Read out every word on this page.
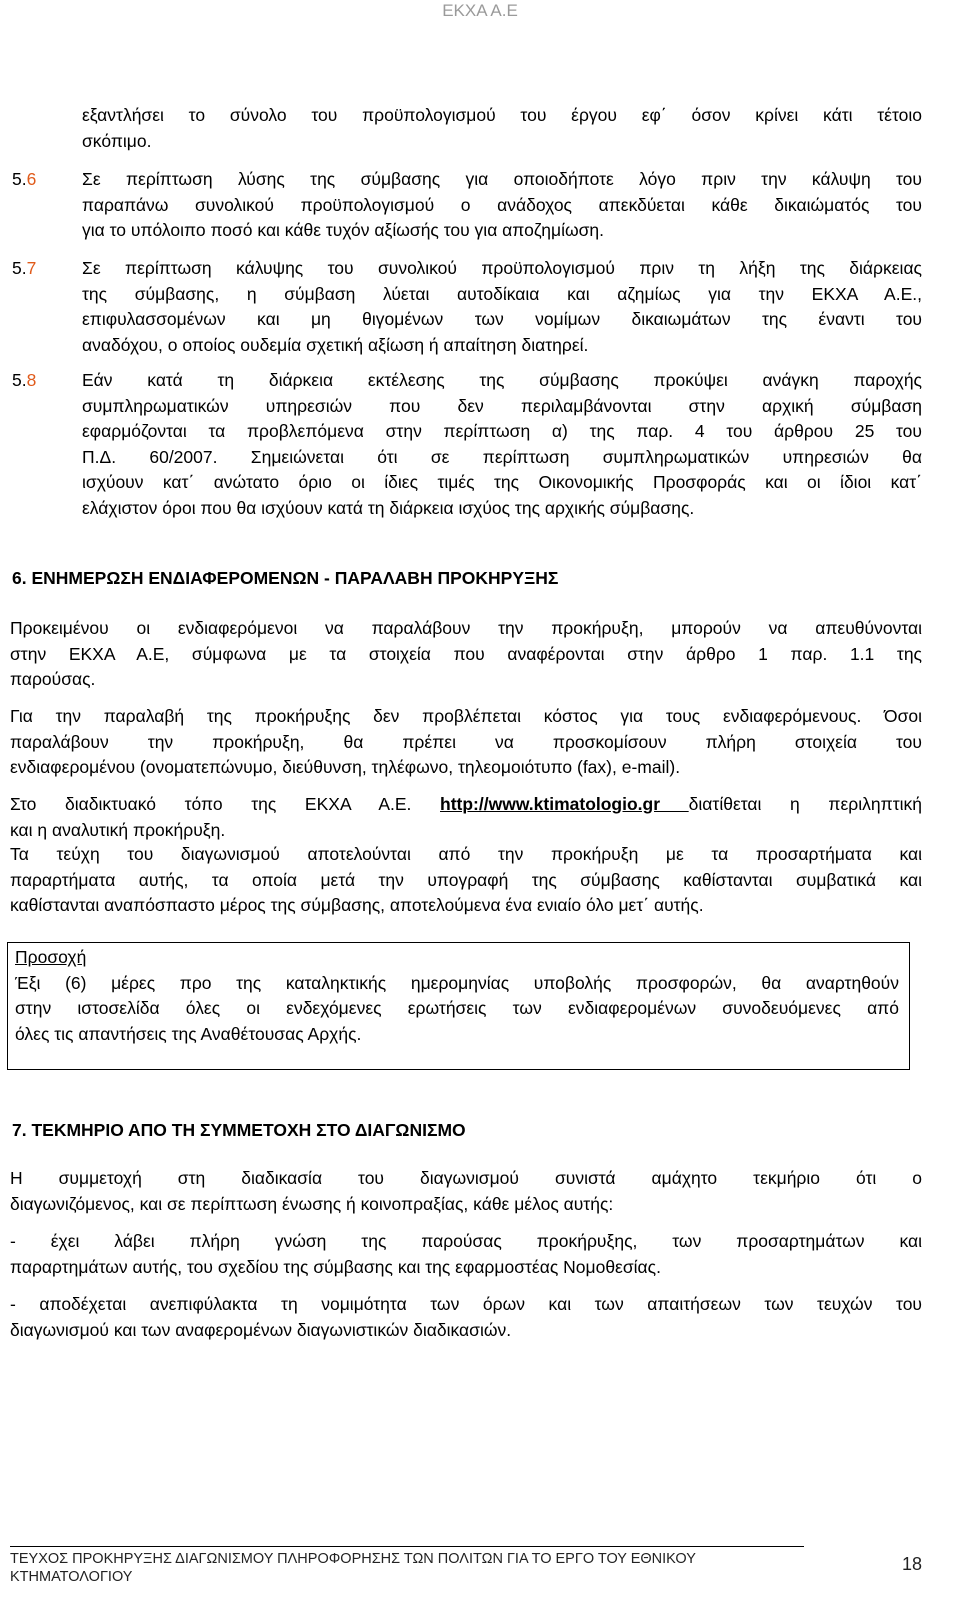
ΕΚΧΑ Α.Ε
εξαντλήσει το σύνολο του προϋπολογισμού του έργου εφ΄ όσον κρίνει κάτι τέτοιο
σκόπιμο.
5.6	Σε περίπτωση λύσης της σύμβασης για οποιοδήποτε λόγο πριν την κάλυψη του
παραπάνω συνολικού προϋπολογισμού ο ανάδοχος απεκδύεται κάθε δικαιώματός του
για το υπόλοιπο ποσό και κάθε τυχόν αξίωσής του για αποζημίωση.
5.7	Σε περίπτωση κάλυψης του συνολικού προϋπολογισμού πριν τη λήξη της διάρκειας
της σύμβασης, η σύμβαση λύεται αυτοδίκαια και αζημίως για την ΕΚΧΑ Α.Ε.,
επιφυλασσομένων και μη θιγομένων των νομίμων δικαιωμάτων της έναντι του
αναδόχου, ο οποίος ουδεμία σχετική αξίωση ή απαίτηση διατηρεί.
5.8	Εάν κατά τη διάρκεια εκτέλεσης της σύμβασης προκύψει ανάγκη παροχής
συμπληρωματικών υπηρεσιών που δεν περιλαμβάνονται στην αρχική σύμβαση
εφαρμόζονται τα προβλεπόμενα στην περίπτωση α) της παρ. 4 του άρθρου 25 του
Π.Δ. 60/2007. Σημειώνεται ότι σε περίπτωση συμπληρωματικών υπηρεσιών θα
ισχύουν κατ΄ ανώτατο όριο οι ίδιες τιμές της Οικονομικής Προσφοράς και οι ίδιοι κατ΄
ελάχιστον όροι που θα ισχύουν κατά τη διάρκεια ισχύος της αρχικής σύμβασης.
6. ΕΝΗΜΕΡΩΣΗ ΕΝΔΙΑΦΕΡΟΜΕΝΩΝ - ΠΑΡΑΛΑΒΗ ΠΡΟΚΗΡΥΞΗΣ
Προκειμένου οι ενδιαφερόμενοι να παραλάβουν την προκήρυξη, μπορούν να απευθύνονται
στην ΕΚΧΑ Α.Ε, σύμφωνα με τα στοιχεία που αναφέρονται στην άρθρο 1 παρ. 1.1 της
παρούσας.
Για την παραλαβή της προκήρυξης δεν προβλέπεται κόστος για τους ενδιαφερόμενους. Όσοι
παραλάβουν την προκήρυξη, θα πρέπει να προσκομίσουν πλήρη στοιχεία του
ενδιαφερομένου (ονοματεπώνυμο, διεύθυνση, τηλέφωνο, τηλεομοιότυπο (fax), e-mail).
Στο διαδικτυακό τόπο της ΕΚΧΑ Α.Ε. http://www.ktimatologio.gr διατίθεται η περιληπτική
και η αναλυτική προκήρυξη.
Τα τεύχη του διαγωνισμού αποτελούνται από την προκήρυξη με τα προσαρτήματα και
παραρτήματα αυτής, τα οποία μετά την υπογραφή της σύμβασης καθίστανται συμβατικά και
καθίστανται αναπόσπαστο μέρος της σύμβασης, αποτελούμενα ένα ενιαίο όλο μετ΄ αυτής.
Προσοχή
Έξι (6) μέρες προ της καταληκτικής ημερομηνίας υποβολής προσφορών, θα αναρτηθούν
στην ιστοσελίδα όλες οι ενδεχόμενες ερωτήσεις των ενδιαφερομένων συνοδευόμενες από
όλες τις απαντήσεις της Αναθέτουσας Αρχής.
7. ΤΕΚΜΗΡΙΟ ΑΠΟ ΤΗ ΣΥΜΜΕΤΟΧΗ ΣΤΟ ΔΙΑΓΩΝΙΣΜΟ
Η συμμετοχή στη διαδικασία του διαγωνισμού συνιστά αμάχητο τεκμήριο ότι ο
διαγωνιζόμενος, και σε περίπτωση ένωσης ή κοινοπραξίας, κάθε μέλος αυτής:
- έχει λάβει πλήρη γνώση της παρούσας προκήρυξης, των προσαρτημάτων και
παραρτημάτων αυτής, του σχεδίου της σύμβασης και της εφαρμοστέας Νομοθεσίας.
- αποδέχεται ανεπιφύλακτα τη νομιμότητα των όρων και των απαιτήσεων των τευχών του
διαγωνισμού και των αναφερομένων διαγωνιστικών διαδικασιών.
ΤΕΥΧΟΣ ΠΡΟΚΗΡΥΞΗΣ ΔΙΑΓΩΝΙΣΜΟΥ ΠΛΗΡΟΦΟΡΗΣΗΣ ΤΩΝ ΠΟΛΙΤΩΝ ΓΙΑ ΤΟ ΕΡΓΟ ΤΟΥ ΕΘΝΙΚΟΥ
ΚΤΗΜΑΤΟΛΟΓΙΟΥ
18
